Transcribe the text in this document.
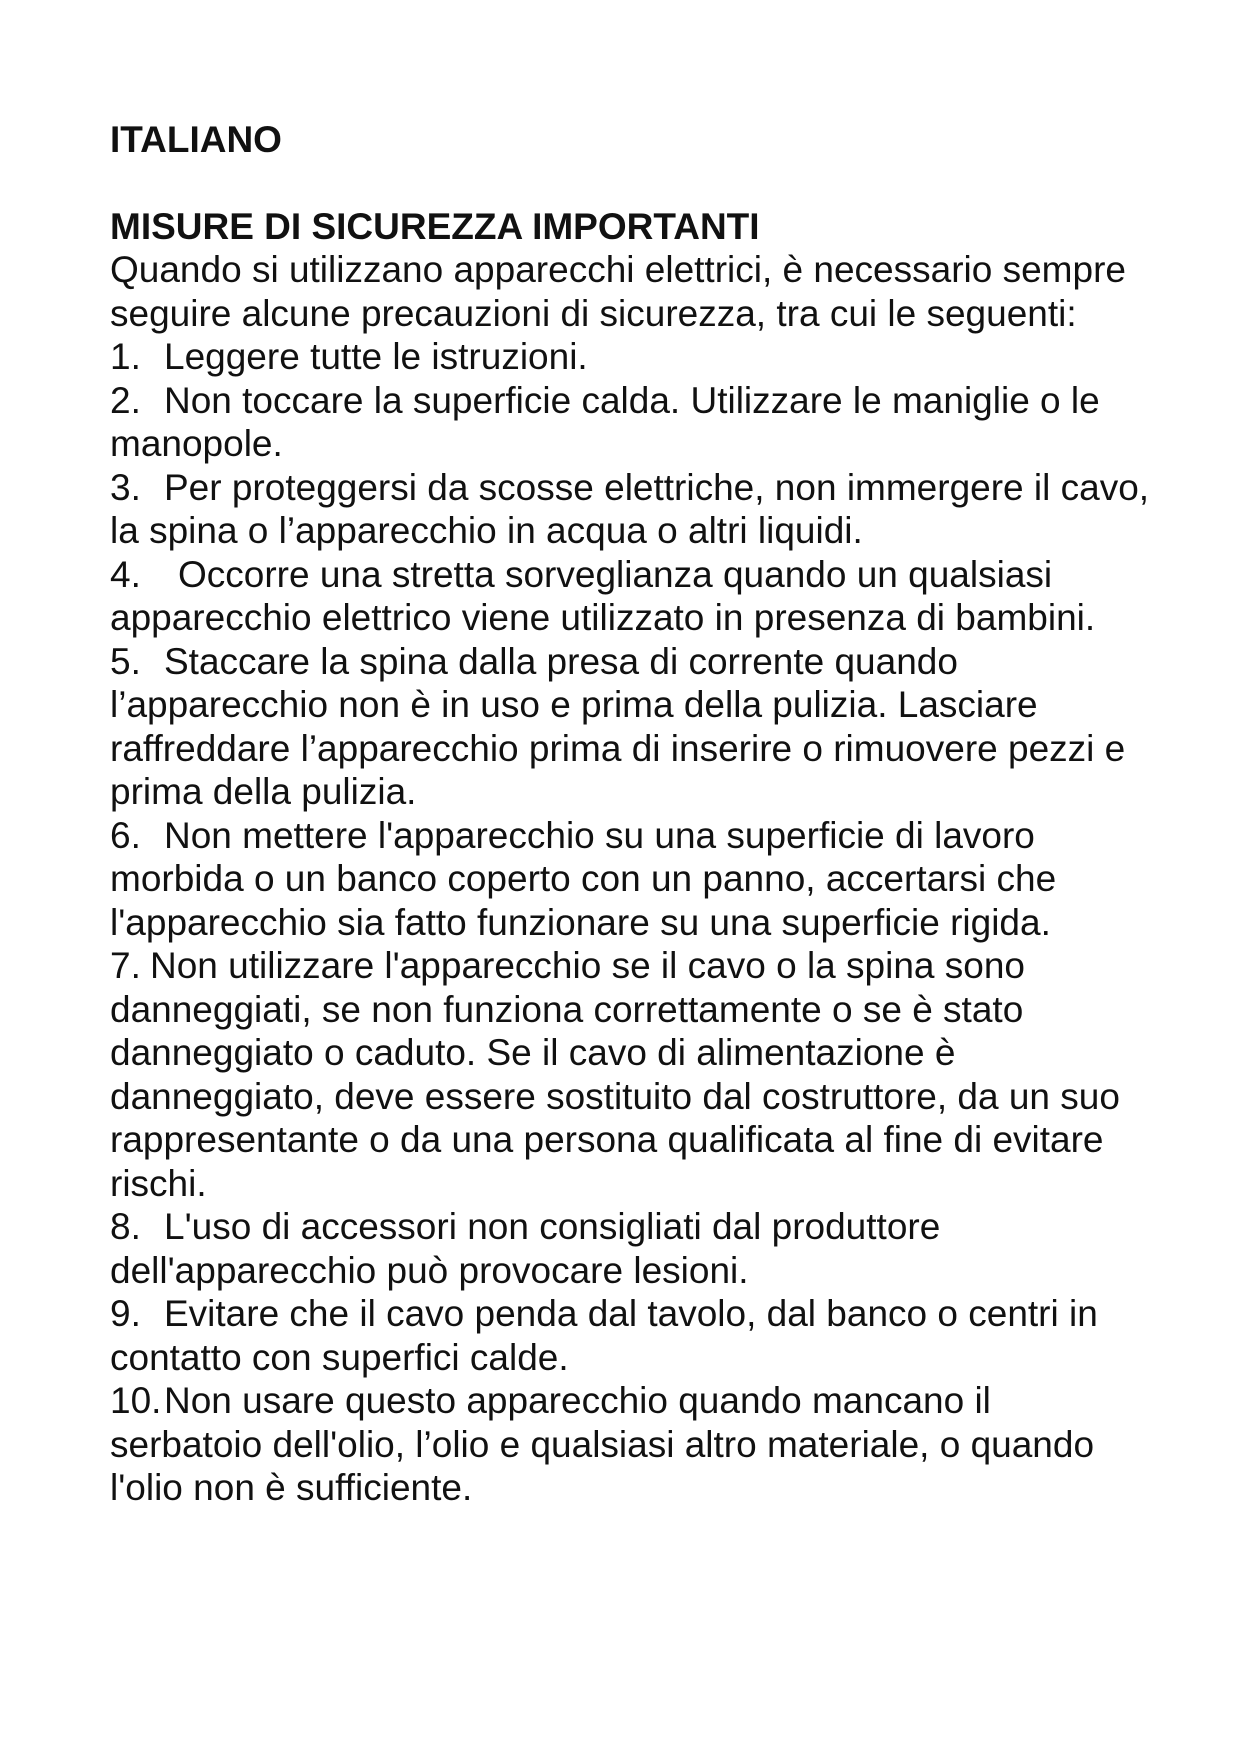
ITALIANO

MISURE DI SICUREZZA IMPORTANTI

Quando si utilizzano apparecchi elettrici, è necessario sempre seguire alcune precauzioni di sicurezza, tra cui le seguenti:

1. Leggere tutte le istruzioni.
2. Non toccare la superficie calda. Utilizzare le maniglie o le manopole.
3. Per proteggersi da scosse elettriche, non immergere il cavo, la spina o l’apparecchio in acqua o altri liquidi.
4. Occorre una stretta sorveglianza quando un qualsiasi apparecchio elettrico viene utilizzato in presenza di bambini.
5. Staccare la spina dalla presa di corrente quando l’apparecchio non è in uso e prima della pulizia. Lasciare raffreddare l’apparecchio prima di inserire o rimuovere pezzi e prima della pulizia.
6. Non mettere l'apparecchio su una superficie di lavoro morbida o un banco coperto con un panno, accertarsi che l'apparecchio sia fatto funzionare su una superficie rigida.
7. Non utilizzare l'apparecchio se il cavo o la spina sono danneggiati, se non funziona correttamente o se è stato danneggiato o caduto. Se il cavo di alimentazione è danneggiato, deve essere sostituito dal costruttore, da un suo rappresentante o da una persona qualificata al fine di evitare rischi.
8. L'uso di accessori non consigliati dal produttore dell'apparecchio può provocare lesioni.
9. Evitare che il cavo penda dal tavolo, dal banco o centri in contatto con superfici calde.
10.Non usare questo apparecchio quando mancano il serbatoio dell'olio, l’olio e qualsiasi altro materiale, o quando l'olio non è sufficiente.
